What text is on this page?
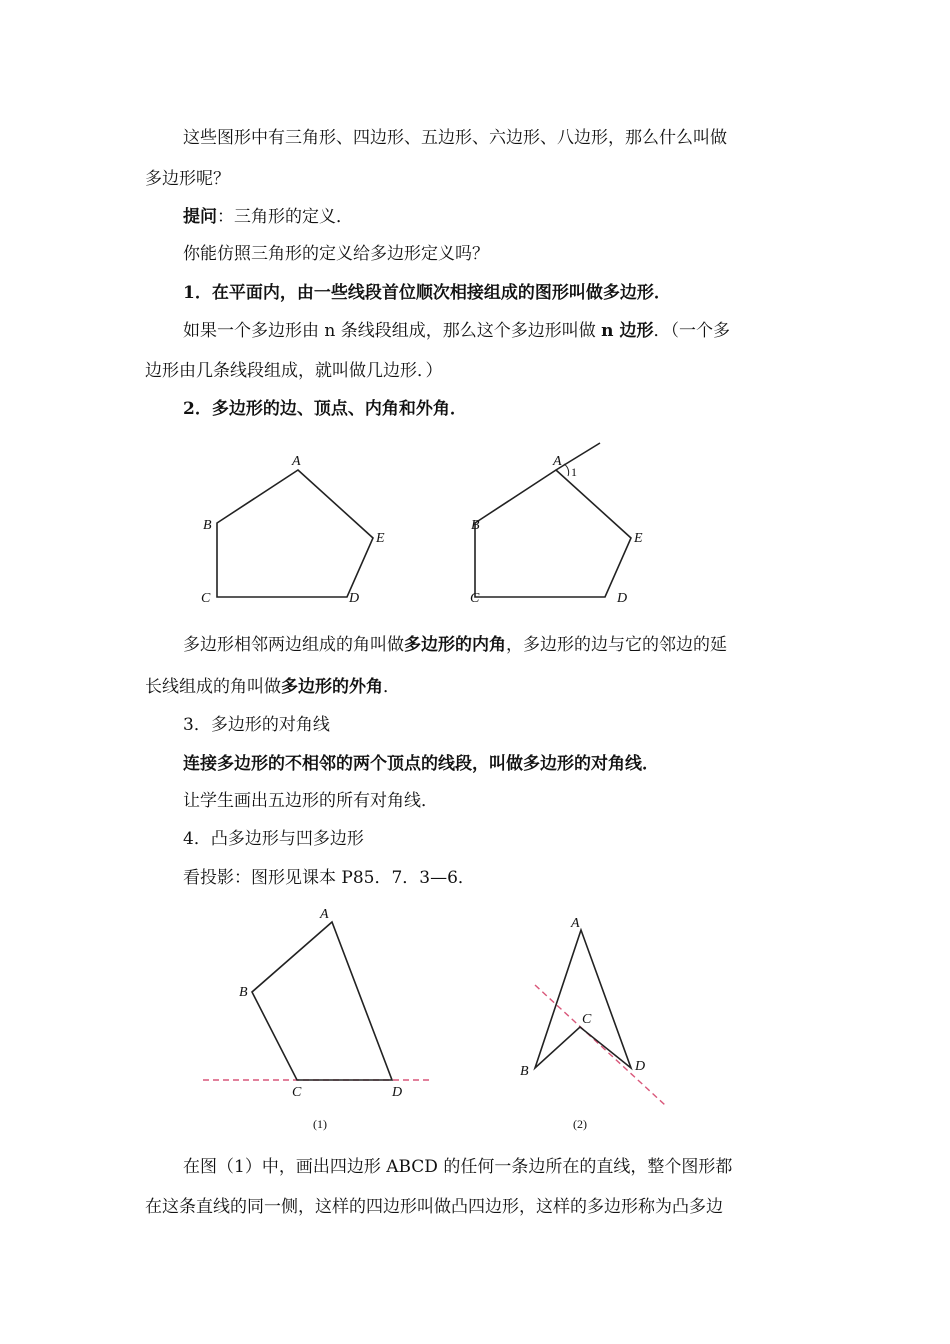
这些图形中有三角形、四边形、五边形、六边形、八边形，那么什么叫做
多边形呢？
提问：三角形的定义．
你能仿照三角形的定义给多边形定义吗？
1．在平面内，由一些线段首位顺次相接组成的图形叫做多边形．
如果一个多边形由 n 条线段组成，那么这个多边形叫做 n 边形．（一个多
边形由几条线段组成，就叫做几边形．）
2．多边形的边、顶点、内角和外角．
A
B
C	D
E
A
B
C	D
E
1
多边形相邻两边组成的角叫做多边形的内角，多边形的边与它的邻边的延
长线组成的角叫做多边形的外角．
3．多边形的对角线
连接多边形的不相邻的两个顶点的线段，叫做多边形的对角线．
让学生画出五边形的所有对角线．
4．凸多边形与凹多边形
看投影：图形见课本 P85．7．3—6．
A
B
C	D
(1)
A
B
C
D
(2)
在图（1）中，画出四边形 ABCD 的任何一条边所在的直线，整个图形都
在这条直线的同一侧，这样的四边形叫做凸四边形，这样的多边形称为凸多边
